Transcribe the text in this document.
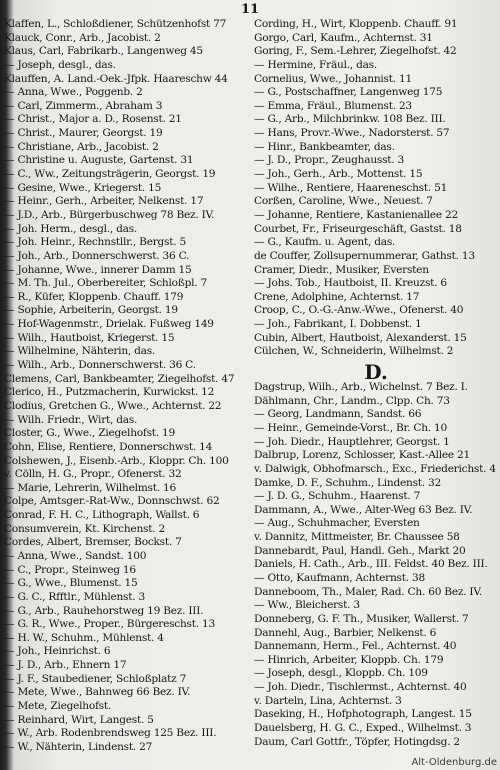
11
Klaffen, L., Schloßdiener, Schützenhofst 77
Klauck, Conr., Arb., Jacobist. 2
Klaus, Carl, Fabrikarb., Langenweg 45
— Joseph, desgl., das.
Klauffen, A. Land.-Oek.-Jfpk. Haareschw 44
— Anna, Wwe., Poggenb. 2
— Carl, Zimmerm., Abraham 3
— Christ., Major a. D., Rosenst. 21
— Christ., Maurer, Georgst. 19
— Christiane, Arb., Jacobist. 2
— Christine u. Auguste, Gartenst. 31
— C., Ww., Zeitungsträgerin, Georgst. 19
— Gesine, Wwe., Kriegerst. 15
— Heinr., Gerh., Arbeiter, Nelkenst. 17
— J.D., Arb., Bürgerbuschweg 78 Bez. IV.
— Joh. Herm., desgl., das.
— Joh. Heinr., Rechnstllr., Bergst. 5
— Joh., Arb., Donnerschwerst. 36 C.
— Johanne, Wwe., innerer Damm 15
— M. Th. Jul., Oberbereiter, Schloßpl. 7
— R., Küfer, Kloppenb. Chauff. 179
— Sophie, Arbeiterin, Georgst. 19
— Hof-Wagenmstr., Drielak. Fußweg 149
— Wilh., Hautboist, Kriegerst. 15
— Wilhelmine, Nähterin, das.
— Wilh., Arb., Donnerschwerst. 36 C.
Clemens, Carl, Bankbeamter, Ziegelhofst. 47
Clerico, H., Putzmacherin, Kurwickst. 12
Clodius, Gretchen G., Wwe., Achternst. 22
— Wilh. Friedr., Wirt, das.
Closter, G., Wwe., Ziegelhofst. 19
Cohn, Elise, Rentiere, Donnerschwst. 14
Colshewen, J., Eisenb.-Arb., Kloppr. Ch. 100
v. Cölln, H. G., Propr., Ofenerst. 32
— Marie, Lehrerin, Wilhelmst. 16
Colpe, Amtsger.-Rat-Ww., Donnschwst. 62
Conrad, F. H. C., Lithograph, Wallst. 6
Consumverein, Kt. Kirchenst. 2
Cordes, Albert, Bremser, Bockst. 7
— Anna, Wwe., Sandst. 100
— C., Propr., Steinweg 16
— G., Wwe., Blumenst. 15
— G. C., Rfftlr., Mühlenst. 3
— G., Arb., Rauhehorstweg 19 Bez. III.
— G. R., Wwe., Proper., Bürgereschst. 13
— H. W., Schuhm., Mühlenst. 4
— Joh., Heinrichst. 6
— J. D., Arb., Ehnern 17
— J. F., Staubediener, Schloßplatz 7
— Mete, Wwe., Bahnweg 66 Bez. IV.
— Mete, Ziegelhofst.
— Reinhard, Wirt, Langest. 5
— W., Arb. Rodenbrendsweg 125 Bez. III.
— W., Nähterin, Lindenst. 27
Cording, H., Wirt, Kloppenb. Chauff. 91
Gorgo, Carl, Kaufm., Achternst. 31
Goring, F., Sem.-Lehrer, Ziegelhofst. 42
— Hermine, Fräul., das.
Cornelius, Wwe., Johannist. 11
— G., Postschaffner, Langenweg 175
— Emma, Fräul., Blumenst. 23
— G., Arb., Milchbrinkw. 108 Bez. III.
— Hans, Provr.-Wwe., Nadorsterst. 57
— Hinr., Bankbeamter, das.
— J. D., Propr., Zeughausst. 3
— Joh., Gerh., Arb., Mottenst. 15
— Wilhe., Rentiere, Haareneschst. 51
Corßen, Caroline, Wwe., Neuest. 7
— Johanne, Rentiere, Kastanienallee 22
Courbet, Fr., Friseurgeschäft, Gastst. 18
— G., Kaufm. u. Agent, das.
de Couffer, Zollsupernummerar, Gathst. 13
Cramer, Diedr., Musiker, Eversten
— Johs. Tob., Hautboist, II. Kreuzst. 6
Crene, Adolphine, Achternst. 17
Croop, C., O.-G.-Anw.-Wwe., Ofenerst. 40
— Joh., Fabrikant, I. Dobbenst. 1
Cubin, Albert, Hautboist, Alexanderst. 15
Cülchen, W., Schneiderin, Wilhelmst. 2
D.
Dagstrup, Wilh., Arb., Wichelnst. 7 Bez. I.
Dählmann, Chr., Landm., Clpp. Ch. 73
— Georg, Landmann, Sandst. 66
— Heinr., Gemeinde-Vorst., Br. Ch. 10
— Joh. Diedr., Hauptlehrer, Georgst. 1
Dalbrup, Lorenz, Schlosser, Kast.-Allee 21
v. Dalwigk, Obhofmarsch., Exc., Friederichst. 4
Damke, D. F., Schuhm., Lindenst. 32
— J. D. G., Schuhm., Haarenst. 7
Dammann, A., Wwe., Alter-Weg 63 Bez. IV.
— Aug., Schuhmacher, Eversten
v. Dannitz, Mittmeister, Br. Chaussee 58
Dannebardt, Paul, Handl. Geh., Markt 20
Daniels, H. Cath., Arb., III. Feldst. 40 Bez. III.
— Otto, Kaufmann, Achternst. 38
Danneboom, Th., Maler, Rad. Ch. 60 Bez. IV.
— Ww., Bleicherst. 3
Donneberg, G. F. Th., Musiker, Wallerst. 7
Dannehl, Aug., Barbier, Nelkenst. 6
Dannemann, Herm., Fel., Achternst. 40
— Hinrich, Arbeiter, Kloppb. Ch. 179
— Joseph, desgl., Kloppb. Ch. 109
— Joh. Diedr., Tischlermst., Achternst. 40
v. Darteln, Lina, Achternst. 3
Daseking, H., Hofphotograph, Langest. 15
Dauelsberg, H. G. C., Exped., Wilhelmst. 3
Daum, Carl Gottfr., Töpfer, Hotingdsg. 2
Alt-Oldenburg.de
